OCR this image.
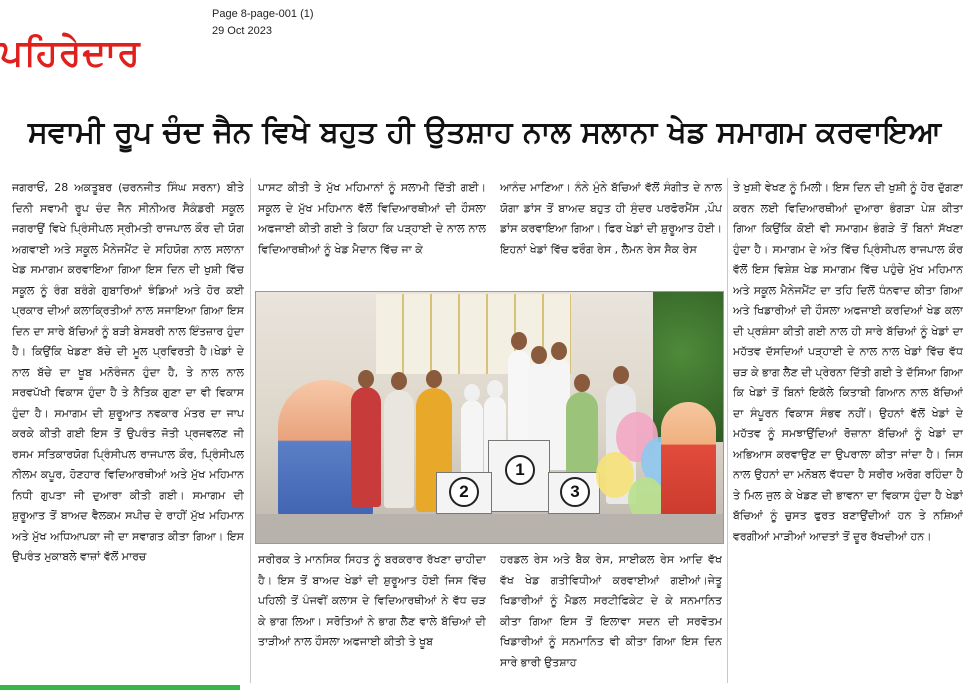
ਪਹਿਰੇਦਾਰ
Page 8-page-001 (1)
29 Oct 2023
ਸਵਾਮੀ ਰੂਪ ਚੰਦ ਜੈਨ ਵਿਖੇ ਬਹੁਤ ਹੀ ਉਤਸ਼ਾਹ ਨਾਲ ਸਲਾਨਾ ਖੇਡ ਸਮਾਗਮ ਕਰਵਾਇਆ

ਜਗਰਾਓਂ, 28 ਅਕਤੂਬਰ (ਚਰਨਜੀਤ ਸਿੰਘ ਸਰਨਾ) ਬੀਤੇ ਦਿਨੀ ਸਵਾਮੀ ਰੂਪ ਚੰਦ ਜੈਨ ਸੀਨੀਅਰ ਸੈਕੰਡਰੀ ਸਕੂਲ ਜਗਰਾਉਂ ਵਿਖੇ ਪ੍ਰਿੰਸੀਪਲ ਸ੍ਰੀਮਤੀ ਰਾਜਪਾਲ ਕੌਰ ਦੀ ਯੋਗ ਅਗਵਾਈ ਅਤੇ ਸਕੂਲ ਮੈਨੇਜਮੈਂਟ ਦੇ ਸਹਿਯੋਗ ਨਾਲ ਸਲਾਨਾ ਖੇਡ ਸਮਾਗਮ ਕਰਵਾਇਆ ਗਿਆ ਇਸ ਦਿਨ ਦੀ ਖੁਸ਼ੀ ਵਿੱਚ ਸਕੂਲ ਨੂੰ ਰੰਗ ਬਰੰਗੇ ਗੁਬਾਰਿਆਂ ਝੰਡਿਆਂ ਅਤੇ ਹੋਰ ਕਈ ਪ੍ਰਕਾਰ ਦੀਆਂ ਕਲਾਕ੍ਰਿਤੀਆਂ ਨਾਲ ਸਜਾਇਆ ਗਿਆ ਇਸ ਦਿਨ ਦਾ ਸਾਰੇ ਬੱਚਿਆਂ ਨੂੰ ਬੜੀ ਬੇਸਬਰੀ ਨਾਲ ਇੰਤਜ਼ਾਰ ਹੁੰਦਾ ਹੈ। ਕਿਉਂਕਿ ਖੇਡਣਾ ਬੱਚੇ ਦੀ ਮੂਲ ਪ੍ਰਵਿਰਤੀ ਹੈ।ਖੇਡਾਂ ਦੇ ਨਾਲ ਬੱਚੇ ਦਾ ਖੂਬ ਮਨੋਰੰਜਨ ਹੁੰਦਾ ਹੈ, ਤੇ ਨਾਲ ਨਾਲ ਸਰਵਪੱਖੀ ਵਿਕਾਸ ਹੁੰਦਾ ਹੈ ਤੇ ਨੈਤਿਕ ਗੁਣਾ ਦਾ ਵੀ ਵਿਕਾਸ ਹੁੰਦਾ ਹੈ। ਸਮਾਗਮ ਦੀ ਸ਼ੁਰੂਆਤ ਨਵਕਾਰ ਮੰਤਰ ਦਾ ਜਾਪ ਕਰਕੇ ਕੀਤੀ ਗਈ ਇਸ ਤੋਂ ਉਪਰੰਤ ਜੋਤੀ ਪ੍ਰਜਵਲਣ ਜੀ ਰਸਮ ਸਤਿਕਾਰਯੋਗ ਪ੍ਰਿੰਸੀਪਲ ਰਾਜਪਾਲ ਕੌਰ, ਪ੍ਰਿੰਸੀਪਲ ਨੀਲਮ ਕਪੂਰ, ਹੋਣਹਾਰ ਵਿਦਿਆਰਥੀਆਂ ਅਤੇ ਮੁੱਖ ਮਹਿਮਾਨ ਨਿਧੀ ਗੁਪਤਾ ਜੀ ਦੁਆਰਾ ਕੀਤੀ ਗਈ। ਸਮਾਗਮ ਦੀ ਸ਼ੁਰੂਆਤ ਤੋਂ ਬਾਅਦ ਵੈਲਕਮ ਸਪੀਚ ਦੇ ਰਾਹੀਂ ਮੁੱਖ ਮਹਿਮਾਨ ਅਤੇ ਮੁੱਖ ਅਧਿਆਪਕਾ ਜੀ ਦਾ ਸਵਾਗਤ ਕੀਤਾ ਗਿਆ। ਇਸ ਉਪਰੰਤ ਮੁਕਾਬਲੇ ਵਾਜ਼ਾਂ ਵੱਲੋਂ ਮਾਰਚ

ਪਾਸਟ ਕੀਤੀ ਤੇ ਮੁੱਖ ਮਹਿਮਾਨਾਂ ਨੂੰ ਸਲਾਮੀ ਦਿੱਤੀ ਗਈ। ਸਕੂਲ ਦੇ ਮੁੱਖ ਮਹਿਮਾਨ ਵੱਲੋਂ ਵਿਦਿਆਰਥੀਆਂ ਦੀ ਹੌਸਲਾ ਅਫਜਾਈ ਕੀਤੀ ਗਈ ਤੇ ਕਿਹਾ ਕਿ ਪੜ੍ਹਾਈ ਦੇ ਨਾਲ ਨਾਲ ਵਿਦਿਆਰਥੀਆਂ ਨੂੰ ਖੇਡ ਮੈਦਾਨ ਵਿੱਚ ਜਾ ਕੇ

ਆਨੰਦ ਮਾਣਿਆ। ਨੰਨੇ ਮੁੰਨੇ ਬੱਚਿਆਂ ਵੱਲੋਂ ਸੰਗੀਤ ਦੇ ਨਾਲ ਯੋਗਾ ਡਾਂਸ ਤੋਂ ਬਾਅਦ ਬਹੁਤ ਹੀ ਸੁੰਦਰ ਪਰਫੋਰਮੈਂਸ ,ਪੌਪ ਡਾਂਸ ਕਰਵਾਇਆ ਗਿਆ। ਫਿਰ ਖੇਡਾਂ ਦੀ ਸ਼ੁਰੂਆਤ ਹੋਈ। ਇਹਨਾਂ ਖੇਡਾਂ ਵਿੱਚ ਫਰੌਗ ਰੇਸ , ਲੈਮਨ ਰੇਸ ਸੈਕ ਰੇਸ

ਤੇ ਖੁਸ਼ੀ ਵੇਖਣ ਨੂੰ ਮਿਲੀ। ਇਸ ਦਿਨ ਦੀ ਖੁਸ਼ੀ ਨੂੰ ਹੋਰ ਦੁੱਗਣਾ ਕਰਨ ਲਈ ਵਿਦਿਆਰਥੀਆਂ ਦੁਆਰਾ ਭੰਗੜਾ ਪੇਸ਼ ਕੀਤਾ ਗਿਆ ਕਿਉਂਕਿ ਕੋਈ ਵੀ ਸਮਾਗਮ ਭੰਗੜੇ ਤੋਂ ਬਿਨਾਂ ਸੱਖਣਾ ਹੁੰਦਾ ਹੈ। ਸਮਾਗਮ ਦੇ ਅੰਤ ਵਿੱਚ ਪ੍ਰਿੰਸੀਪਲ ਰਾਜਪਾਲ ਕੌਰ ਵੱਲੋਂ ਇਸ ਵਿਸ਼ੇਸ਼ ਖੇਡ ਸਮਾਗਮ ਵਿੱਚ ਪਹੁੰਚੇ ਮੁੱਖ ਮਹਿਮਾਨ ਅਤੇ ਸਕੂਲ ਮੈਨੇਜਮੈਂਟ ਦਾ ਤਹਿ ਦਿਲੋਂ ਧੰਨਵਾਦ ਕੀਤਾ ਗਿਆ ਅਤੇ ਖਿਡਾਰੀਆਂ ਦੀ ਹੌਸਲਾ ਅਫਜਾਈ ਕਰਦਿਆਂ ਖੇਡ ਕਲਾ ਦੀ ਪ੍ਰਸ਼ੰਸਾ ਕੀਤੀ ਗਈ ਨਾਲ ਹੀ ਸਾਰੇ ਬੱਚਿਆਂ ਨੂੰ ਖੇਡਾਂ ਦਾ ਮਹੱਤਵ ਦੱਸਦਿਆਂ ਪੜ੍ਹਾਈ ਦੇ ਨਾਲ ਨਾਲ ਖੇਡਾਂ ਵਿੱਚ ਵੱਧ ਚੜ ਕੇ ਭਾਗ ਲੈਣ ਦੀ ਪ੍ਰੇਰਨਾ ਦਿੱਤੀ ਗਈ ਤੇ ਦੱਸਿਆ ਗਿਆ ਕਿ ਖੇਡਾਂ ਤੋਂ ਬਿਨਾਂ ਇਕੱਲੇ ਕਿਤਾਬੀ ਗਿਆਨ ਨਾਲ ਬੱਚਿਆਂ ਦਾ ਸੰਪੂਰਨ ਵਿਕਾਸ ਸੰਭਵ ਨਹੀਂ। ਉਹਨਾਂ ਵੱਲੋਂ ਖੇਡਾਂ ਦੇ ਮਹੱਤਵ ਨੂੰ ਸਮਝਾਉਂਦਿਆਂ ਰੋਜ਼ਾਨਾ ਬੱਚਿਆਂ ਨੂੰ ਖੇਡਾਂ ਦਾ ਅਭਿਆਸ ਕਰਵਾਉਣ ਦਾ ਉਪਰਾਲਾ ਕੀਤਾ ਜਾਂਦਾ ਹੈ। ਜਿਸ ਨਾਲ ਉਹਨਾਂ ਦਾ ਮਨੋਬਲ ਵੱਧਦਾ ਹੈ ਸਰੀਰ ਅਰੋਗ ਰਹਿੰਦਾ ਹੈ ਤੇ ਮਿਲ ਜੁਲ ਕੇ ਖੇਡਣ ਦੀ ਭਾਵਨਾ ਦਾ ਵਿਕਾਸ ਹੁੰਦਾ ਹੈ ਖੇਡਾਂ ਬੱਚਿਆਂ ਨੂੰ ਚੁਸਤ ਫੁਰਤ ਬਣਾਉਂਦੀਆਂ ਹਨ ਤੇ ਨਸ਼ਿਆਂ ਵਰਗੀਆਂ ਮਾੜੀਆਂ ਆਦਤਾਂ ਤੋਂ ਦੂਰ ਰੱਖਦੀਆਂ ਹਨ।

1
2	3

ਸਰੀਰਕ ਤੇ ਮਾਨਸਿਕ ਸਿਹਤ ਨੂੰ ਬਰਕਰਾਰ ਰੱਖਣਾ ਚਾਹੀਦਾ ਹੈ। ਇਸ ਤੋਂ ਬਾਅਦ ਖੇਡਾਂ ਦੀ ਸ਼ੁਰੂਆਤ ਹੋਈ ਜਿਸ ਵਿੱਚ ਪਹਿਲੀ ਤੋਂ ਪੰਜਵੀਂ ਕਲਾਸ ਦੇ ਵਿਦਿਆਰਥੀਆਂ ਨੇ ਵੱਧ ਚੜ ਕੇ ਭਾਗ ਲਿਆ। ਸਰੋਤਿਆਂ ਨੇ ਭਾਗ ਲੈਣ ਵਾਲੇ ਬੱਚਿਆਂ ਦੀ ਤਾੜੀਆਂ ਨਾਲ ਹੌਸਲਾ ਅਫਜਾਈ ਕੀਤੀ ਤੇ ਖੂਬ

ਹਰਡਲ ਰੇਸ ਅਤੇ ਬੈਕ ਰੇਸ, ਸਾਈਕਲ ਰੇਸ ਆਦਿ ਵੱਖ ਵੱਖ ਖੇਡ ਗਤੀਵਿਧੀਆਂ ਕਰਵਾਈਆਂ ਗਈਆਂ।ਜੇਤੂ ਖਿਡਾਰੀਆਂ ਨੂੰ ਮੈਡਲ ਸਰਟੀਫਿਕੇਟ ਦੇ ਕੇ ਸਨਮਾਨਿਤ ਕੀਤਾ ਗਿਆ ਇਸ ਤੋਂ ਇਲਾਵਾ ਸਦਨ ਦੀ ਸਰਵੋਤਮ ਖਿਡਾਰੀਆਂ ਨੂੰ ਸਨਮਾਨਿਤ ਵੀ ਕੀਤਾ ਗਿਆ ਇਸ ਦਿਨ ਸਾਰੇ ਭਾਰੀ ਉਤਸ਼ਾਹ
